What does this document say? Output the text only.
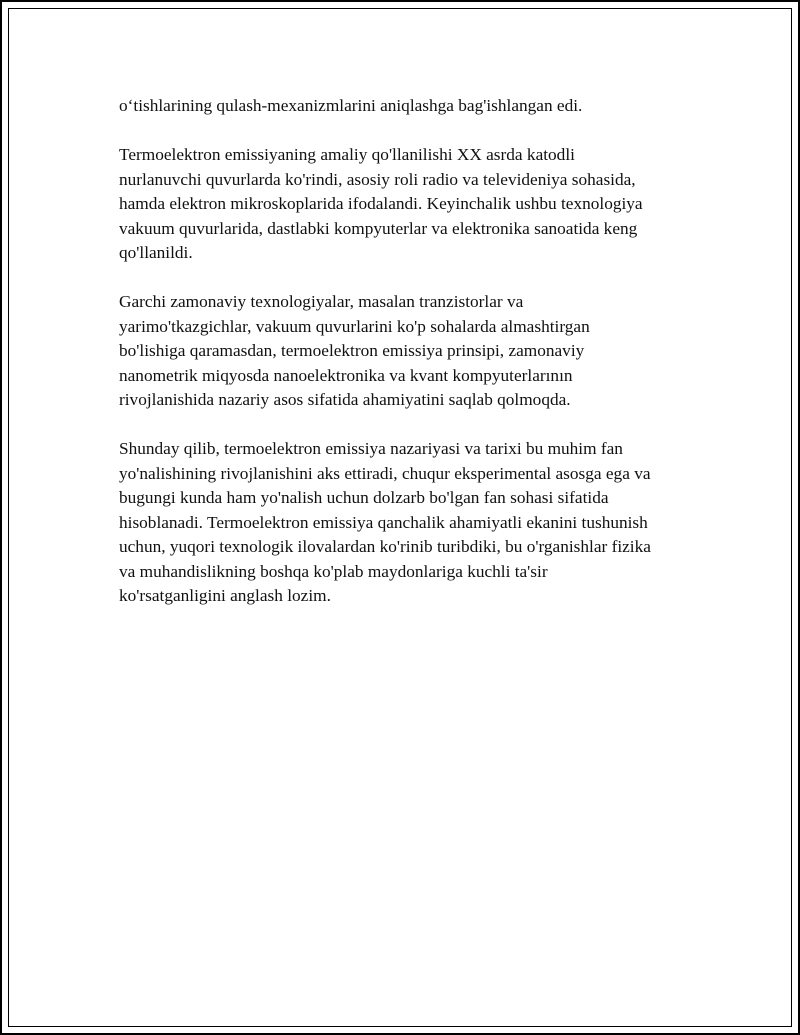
o‘tishlarining qulash-mexanizmlarini aniqlashga bag'ishlangan edi.

Termoelektron emissiyaning amaliy qo'llanilishi XX asrda katodli
nurlanuvchi quvurlarda ko'rindi, asosiy roli radio va televideniya sohasida,
hamda elektron mikroskoplarida ifodalandi. Keyinchalik ushbu texnologiya
vakuum quvurlarida, dastlabki kompyuterlar va elektronika sanoatida keng
qo'llanildi.

Garchi zamonaviy texnologiyalar, masalan tranzistorlar va
yarimo'tkazgichlar, vakuum quvurlarini ko'p sohalarda almashtirgan
bo'lishiga qaramasdan, termoelektron emissiya prinsipi, zamonaviy
nanometrik miqyosda nanoelektronika va kvant kompyuterlarının
rivojlanishida nazariy asos sifatida ahamiyatini saqlab qolmoqda.

Shunday qilib, termoelektron emissiya nazariyasi va tarixi bu muhim fan
yo'nalishining rivojlanishini aks ettiradi, chuqur eksperimental asosga ega va
bugungi kunda ham yo'nalish uchun dolzarb bo'lgan fan sohasi sifatida
hisoblanadi. Termoelektron emissiya qanchalik ahamiyatli ekanini tushunish
uchun, yuqori texnologik ilovalardan ko'rinib turibdiki, bu o'rganishlar fizika
va muhandislikning boshqa ko'plab maydonlariga kuchli ta'sir
ko'rsatganligini anglash lozim.
